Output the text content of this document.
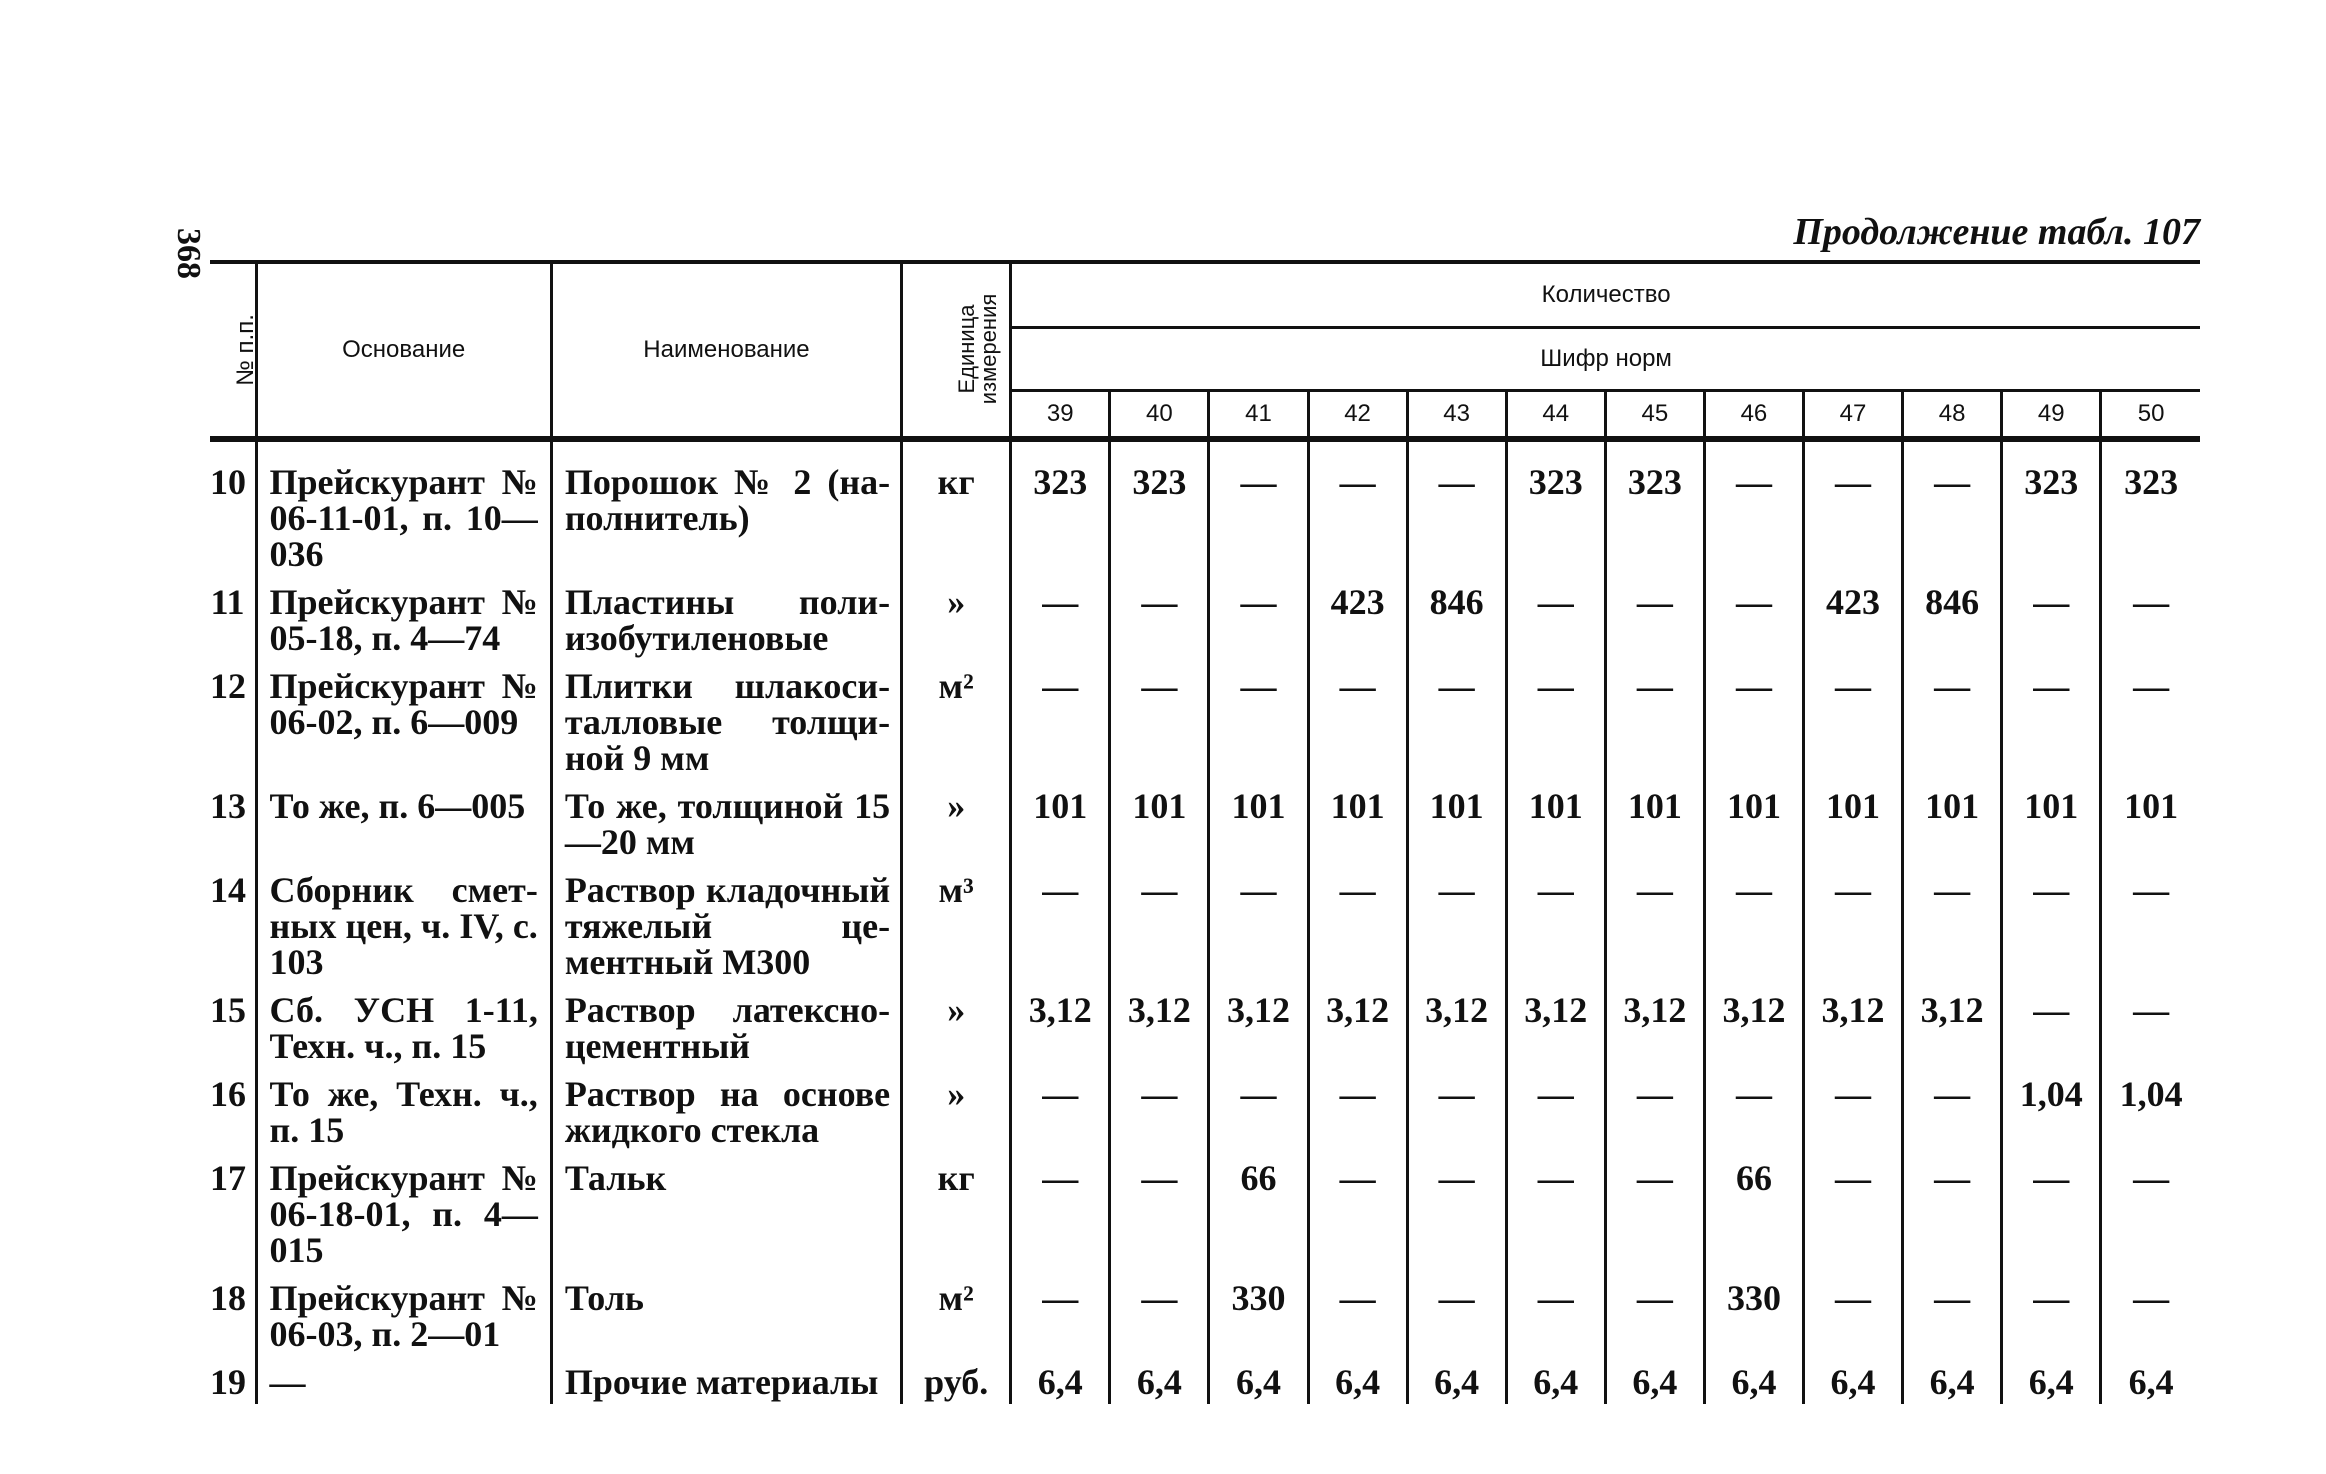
368	Продолжение табл. 107
№ п.п.	Основание	Наименование	Единица измерения	Количество											
				Шифр норм											
				39	40	41	42	43	44	45	46	47	48	49	50
10	Прейскурант № 06-11-01, п. 10—036	Порошок № 2 (наполнитель)	кг	323	323	—	—	—	323	323	—	—	—	323	323
11	Прейскурант № 05-18, п. 4—74	Пластины полиизобутиленовые	»	—	—	—	423	846	—	—	—	423	846	—	—
12	Прейскурант № 06-02, п. 6—009	Плитки шлакоситалловые толщиной 9 мм	м²	—	—	—	—	—	—	—	—	—	—	—	—
13	То же, п. 6—005	То же, толщиной 15—20 мм	»	101	101	101	101	101	101	101	101	101	101	101	101
14	Сборник сметных цен, ч. IV, с. 103	Раствор кладочный тяжелый цементный М300	м³	—	—	—	—	—	—	—	—	—	—	—	—
15	Сб. УСН 1-11, Техн. ч., п. 15	Раствор латексноцементный	»	3,12	3,12	3,12	3,12	3,12	3,12	3,12	3,12	3,12	3,12	—	—
16	То же, Техн. ч., п. 15	Раствор на основе жидкого стекла	»	—	—	—	—	—	—	—	—	—	—	1,04	1,04
17	Прейскурант № 06-18-01, п. 4—015	Тальк	кг	—	—	66	—	—	—	—	66	—	—	—	—
18	Прейскурант № 06-03, п. 2—01	Толь	м²	—	—	330	—	—	—	—	330	—	—	—	—
19	—	Прочие материалы	руб.	6,4	6,4	6,4	6,4	6,4	6,4	6,4	6,4	6,4	6,4	6,4	6,4
